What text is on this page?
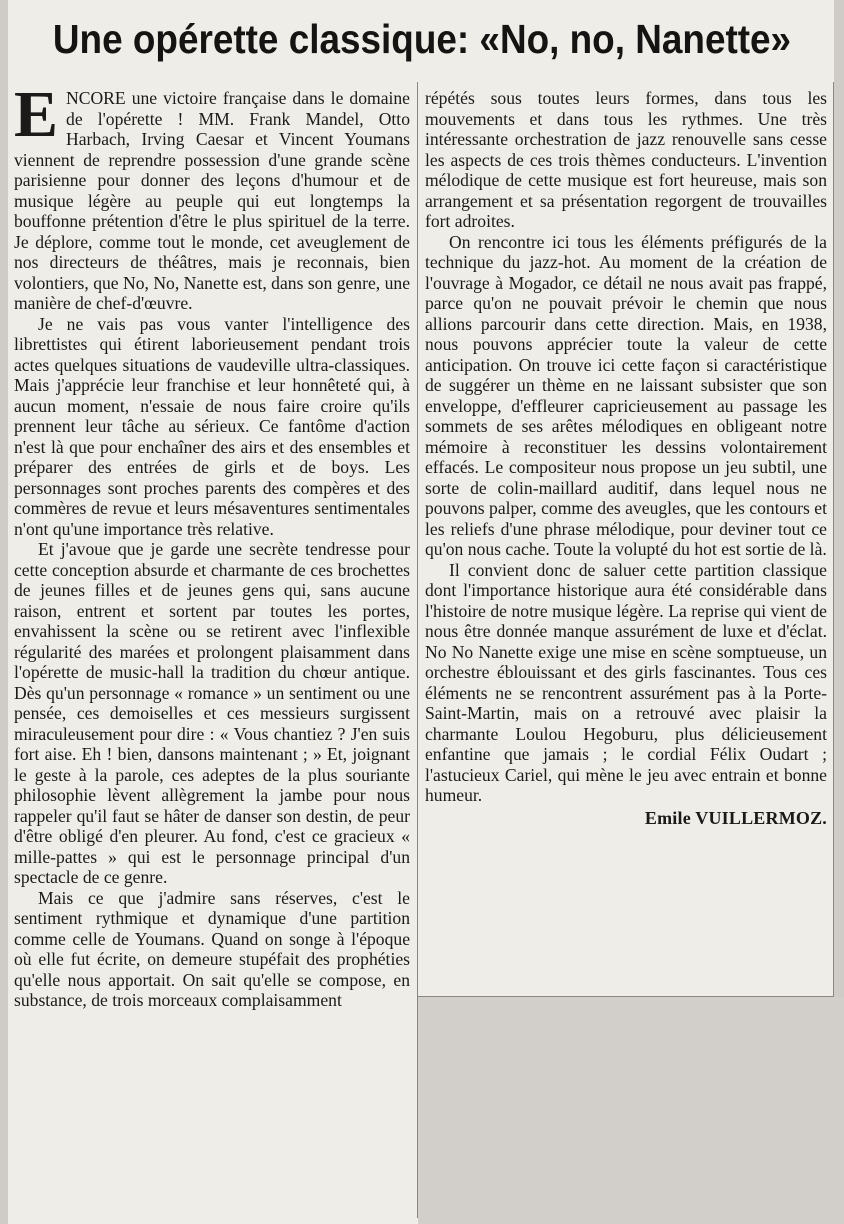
Une opérette classique: «No, no, Nanette»

ENCORE une victoire française dans le domaine de l'opérette ! MM. Frank Mandel, Otto Harbach, Irving Caesar et Vincent Youmans viennent de reprendre possession d'une grande scène parisienne pour donner des leçons d'humour et de musique légère au peuple qui eut longtemps la bouffonne prétention d'être le plus spirituel de la terre. Je déplore, comme tout le monde, cet aveuglement de nos directeurs de théâtres, mais je reconnais, bien volontiers, que No, No, Nanette est, dans son genre, une manière de chef-d'œuvre.

Je ne vais pas vous vanter l'intelligence des librettistes qui étirent laborieusement pendant trois actes quelques situations de vaudeville ultra-classiques. Mais j'apprécie leur franchise et leur honnêteté qui, à aucun moment, n'essaie de nous faire croire qu'ils prennent leur tâche au sérieux. Ce fantôme d'action n'est là que pour enchaîner des airs et des ensembles et préparer des entrées de girls et de boys. Les personnages sont proches parents des compères et des commères de revue et leurs mésaventures sentimentales n'ont qu'une importance très relative.

Et j'avoue que je garde une secrète tendresse pour cette conception absurde et charmante de ces brochettes de jeunes filles et de jeunes gens qui, sans aucune raison, entrent et sortent par toutes les portes, envahissent la scène ou se retirent avec l'inflexible régularité des marées et prolongent plaisamment dans l'opérette de music-hall la tradition du chœur antique. Dès qu'un personnage « romance » un sentiment ou une pensée, ces demoiselles et ces messieurs surgissent miraculeusement pour dire : « Vous chantiez ? J'en suis fort aise. Eh ! bien, dansons maintenant ; » Et, joignant le geste à la parole, ces adeptes de la plus souriante philosophie lèvent allègrement la jambe pour nous rappeler qu'il faut se hâter de danser son destin, de peur d'être obligé d'en pleurer. Au fond, c'est ce gracieux « mille-pattes » qui est le personnage principal d'un spectacle de ce genre.

Mais ce que j'admire sans réserves, c'est le sentiment rythmique et dynamique d'une partition comme celle de Youmans. Quand on songe à l'époque où elle fut écrite, on demeure stupéfait des prophéties qu'elle nous apportait. On sait qu'elle se compose, en substance, de trois morceaux complaisamment

répétés sous toutes leurs formes, dans tous les mouvements et dans tous les rythmes. Une très intéressante orchestration de jazz renouvelle sans cesse les aspects de ces trois thèmes conducteurs. L'invention mélodique de cette musique est fort heureuse, mais son arrangement et sa présentation regorgent de trouvailles fort adroites.

On rencontre ici tous les éléments préfigurés de la technique du jazz-hot. Au moment de la création de l'ouvrage à Mogador, ce détail ne nous avait pas frappé, parce qu'on ne pouvait prévoir le chemin que nous allions parcourir dans cette direction. Mais, en 1938, nous pouvons apprécier toute la valeur de cette anticipation. On trouve ici cette façon si caractéristique de suggérer un thème en ne laissant subsister que son enveloppe, d'effleurer capricieusement au passage les sommets de ses arêtes mélodiques en obligeant notre mémoire à reconstituer les dessins volontairement effacés. Le compositeur nous propose un jeu subtil, une sorte de colin-maillard auditif, dans lequel nous ne pouvons palper, comme des aveugles, que les contours et les reliefs d'une phrase mélodique, pour deviner tout ce qu'on nous cache. Toute la volupté du hot est sortie de là.

Il convient donc de saluer cette partition classique dont l'importance historique aura été considérable dans l'histoire de notre musique légère. La reprise qui vient de nous être donnée manque assurément de luxe et d'éclat. No No Nanette exige une mise en scène somptueuse, un orchestre éblouissant et des girls fascinantes. Tous ces éléments ne se rencontrent assurément pas à la Porte-Saint-Martin, mais on a retrouvé avec plaisir la charmante Loulou Hegoburu, plus délicieusement enfantine que jamais ; le cordial Félix Oudart ; l'astucieux Cariel, qui mène le jeu avec entrain et bonne humeur.

Emile VUILLERMOZ.
